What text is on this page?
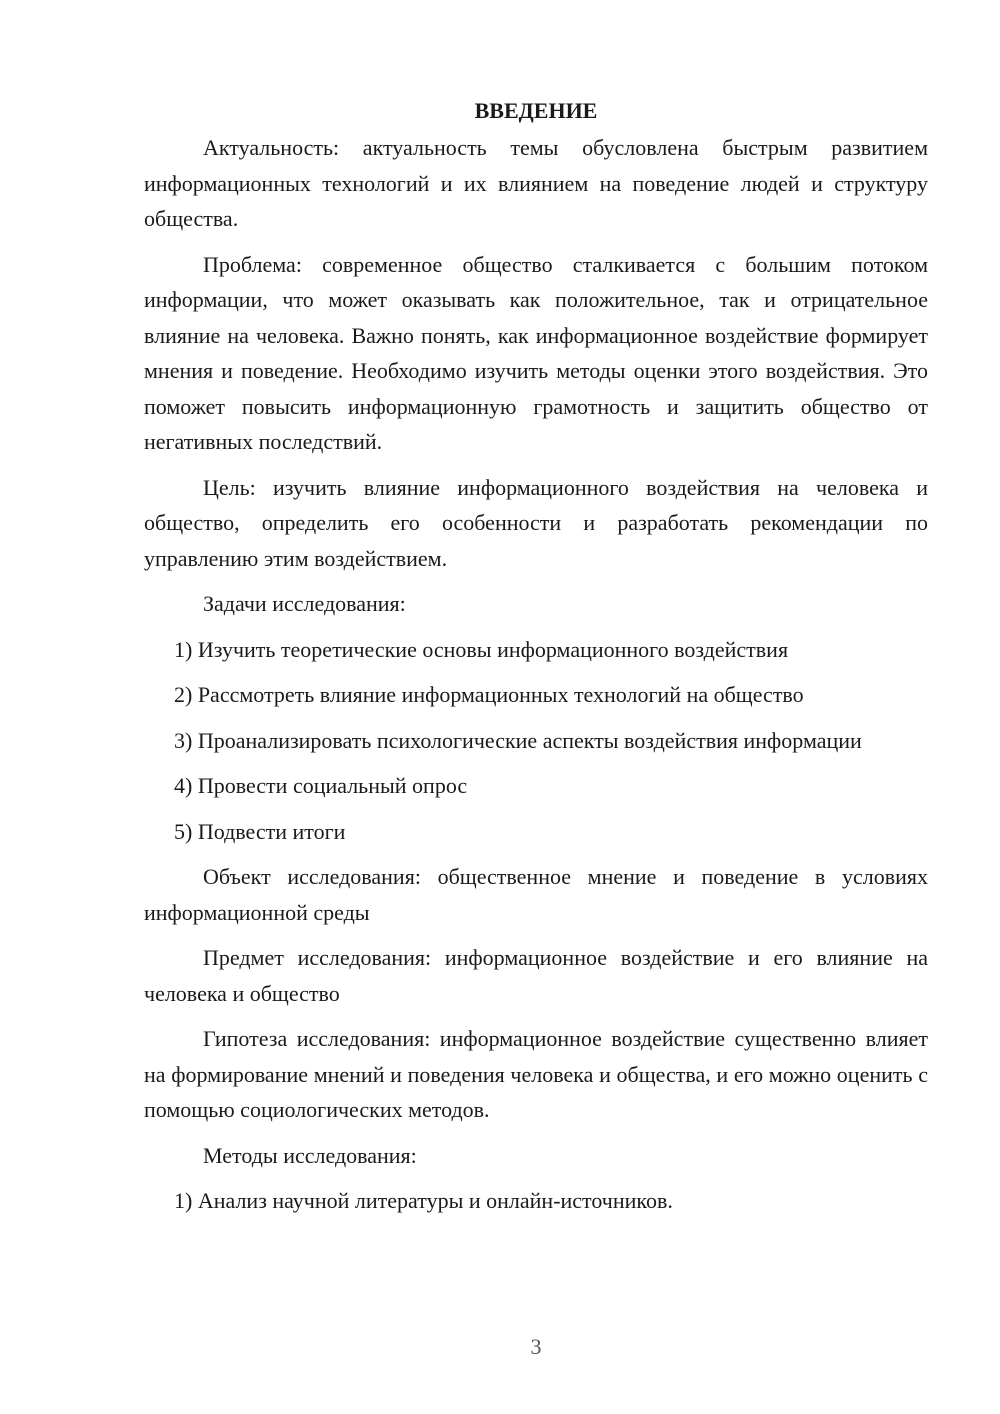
ВВЕДЕНИЕ

Актуальность: актуальность темы обусловлена быстрым развитием информационных технологий и их влиянием на поведение людей и структуру общества.

Проблема: современное общество сталкивается с большим потоком информации, что может оказывать как положительное, так и отрицательное влияние на человека. Важно понять, как информационное воздействие формирует мнения и поведение. Необходимо изучить методы оценки этого воздействия. Это поможет повысить информационную грамотность и защитить общество от негативных последствий.

Цель: изучить влияние информационного воздействия на человека и общество, определить его особенности и разработать рекомендации по управлению этим воздействием.

Задачи исследования:

1) Изучить теоретические основы информационного воздействия

2) Рассмотреть влияние информационных технологий на общество

3) Проанализировать психологические аспекты воздействия информации

4) Провести социальный опрос

5) Подвести итоги

Объект исследования: общественное мнение и поведение в условиях информационной среды

Предмет исследования: информационное воздействие и его влияние на человека и общество

Гипотеза исследования: информационное воздействие существенно влияет на формирование мнений и поведения человека и общества, и его можно оценить с помощью социологических методов.

Методы исследования:

1) Анализ научной литературы и онлайн-источников.

3
